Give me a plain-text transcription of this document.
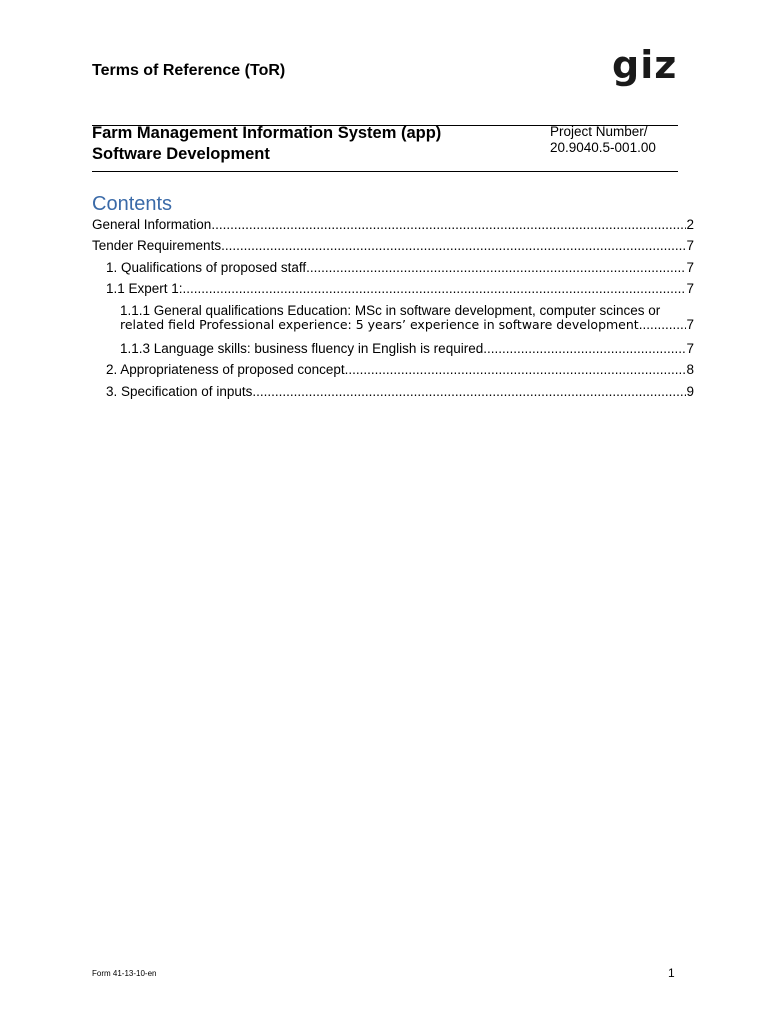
Terms of Reference (ToR)	giz
Farm Management Information System (app)
Software Development
Project Number/
20.9040.5-001.00
Contents
General Information .....	2
Tender Requirements .....	7
1. Qualifications of proposed staff .....	7
1.1 Expert 1: .....	7
1.1.1 General qualifications Education: MSc in software development, computer scinces or
related field Professional experience: 5 years’ experience in software development .....	7
1.1.3 Language skills: business fluency in English is required .....	7
2. Appropriateness of proposed concept .....	8
3. Specification of inputs .....	9
Form 41-13-10-en	1
